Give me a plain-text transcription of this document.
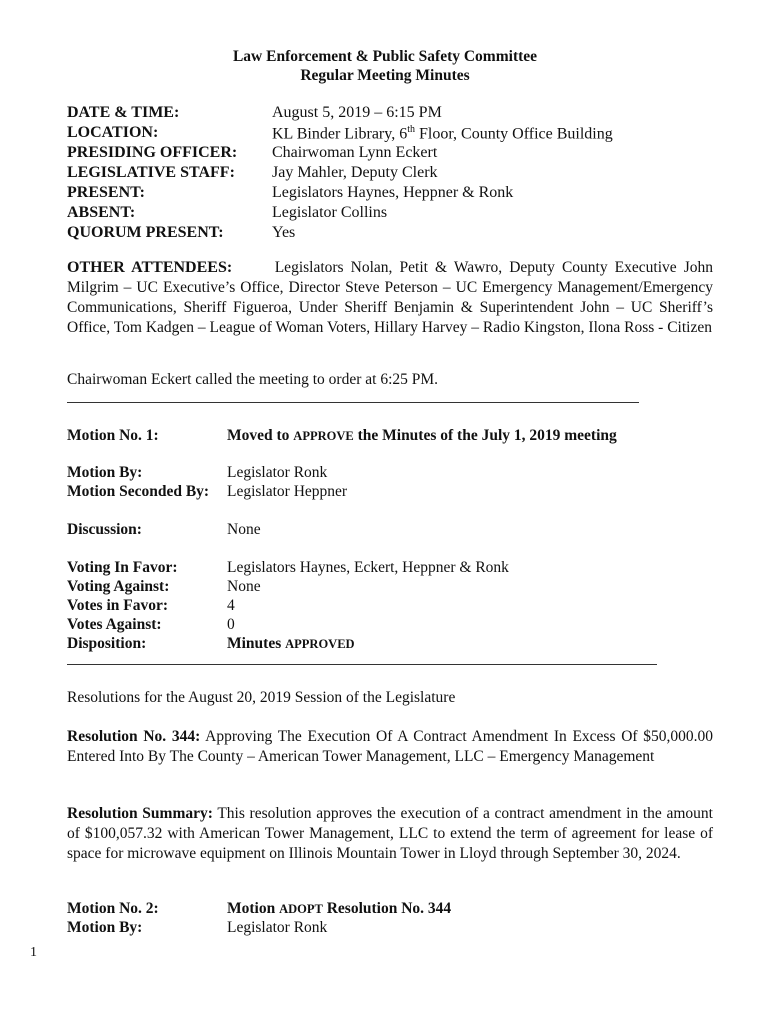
Law Enforcement & Public Safety Committee
Regular Meeting Minutes
DATE & TIME:	August 5, 2019 – 6:15 PM
LOCATION:	KL Binder Library, 6th Floor, County Office Building
PRESIDING OFFICER: Chairwoman Lynn Eckert
LEGISLATIVE STAFF: Jay Mahler, Deputy Clerk
PRESENT:	Legislators Haynes, Heppner & Ronk
ABSENT:	Legislator Collins
QUORUM PRESENT:	Yes
OTHER ATTENDEES:	Legislators Nolan, Petit & Wawro, Deputy County Executive John Milgrim – UC Executive’s Office, Director Steve Peterson – UC Emergency Management/Emergency Communications, Sheriff Figueroa, Under Sheriff Benjamin & Superintendent John – UC Sheriff’s Office, Tom Kadgen – League of Woman Voters, Hillary Harvey – Radio Kingston, Ilona Ross - Citizen
Chairwoman Eckert called the meeting to order at 6:25 PM.
Motion No. 1:	Moved to APPROVE the Minutes of the July 1, 2019 meeting
Motion By:	Legislator Ronk
Motion Seconded By: Legislator Heppner
Discussion:	None
Voting In Favor:	Legislators Haynes, Eckert, Heppner & Ronk
Voting Against:	None
Votes in Favor:	4
Votes Against:	0
Disposition:	Minutes APPROVED
Resolutions for the August 20, 2019 Session of the Legislature
Resolution No. 344: Approving The Execution Of A Contract Amendment In Excess Of $50,000.00 Entered Into By The County – American Tower Management, LLC – Emergency Management
Resolution Summary: This resolution approves the execution of a contract amendment in the amount of $100,057.32 with American Tower Management, LLC to extend the term of agreement for lease of space for microwave equipment on Illinois Mountain Tower in Lloyd through September 30, 2024.
Motion No. 2:	Motion ADOPT Resolution No. 344
Motion By:	Legislator Ronk
1
